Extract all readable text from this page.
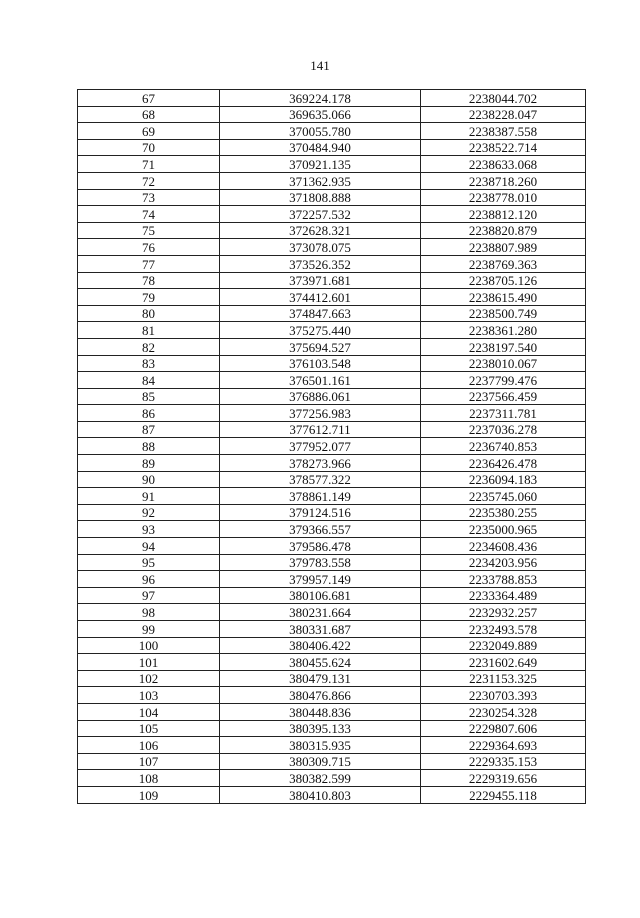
141
67	369224.178	2238044.702
68	369635.066	2238228.047
69	370055.780	2238387.558
70	370484.940	2238522.714
71	370921.135	2238633.068
72	371362.935	2238718.260
73	371808.888	2238778.010
74	372257.532	2238812.120
75	372628.321	2238820.879
76	373078.075	2238807.989
77	373526.352	2238769.363
78	373971.681	2238705.126
79	374412.601	2238615.490
80	374847.663	2238500.749
81	375275.440	2238361.280
82	375694.527	2238197.540
83	376103.548	2238010.067
84	376501.161	2237799.476
85	376886.061	2237566.459
86	377256.983	2237311.781
87	377612.711	2237036.278
88	377952.077	2236740.853
89	378273.966	2236426.478
90	378577.322	2236094.183
91	378861.149	2235745.060
92	379124.516	2235380.255
93	379366.557	2235000.965
94	379586.478	2234608.436
95	379783.558	2234203.956
96	379957.149	2233788.853
97	380106.681	2233364.489
98	380231.664	2232932.257
99	380331.687	2232493.578
100	380406.422	2232049.889
101	380455.624	2231602.649
102	380479.131	2231153.325
103	380476.866	2230703.393
104	380448.836	2230254.328
105	380395.133	2229807.606
106	380315.935	2229364.693
107	380309.715	2229335.153
108	380382.599	2229319.656
109	380410.803	2229455.118
